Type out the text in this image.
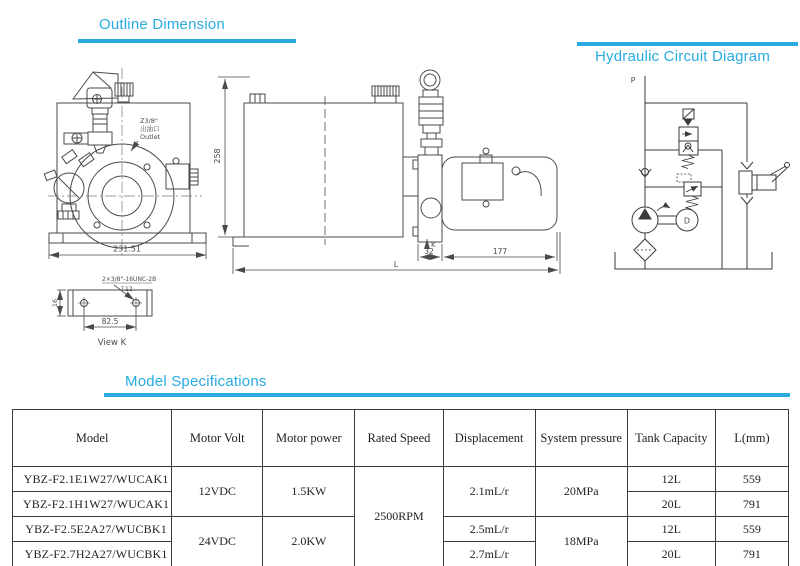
Outline Dimension
Hydraulic Circuit Diagram
Model Specifications
231.51
Z3/8"
出油口
Outlet
16
82.5
2×3/8"-16UNC-2B
↧12
View K
258
32	177
L
K
P
D
Model	Motor Volt	Motor power	Rated Speed	Displacement	System pressure	Tank Capacity	L(mm)
YBZ-F2.1E1W27/WUCAK1	12VDC	1.5KW	2500RPM	2.1mL/r	20MPa	12L	559
YBZ-F2.1H1W27/WUCAK1						20L	791
YBZ-F2.5E2A27/WUCBK1	24VDC	2.0KW		2.5mL/r	18MPa	12L	559
YBZ-F2.7H2A27/WUCBK1				2.7mL/r		20L	791
